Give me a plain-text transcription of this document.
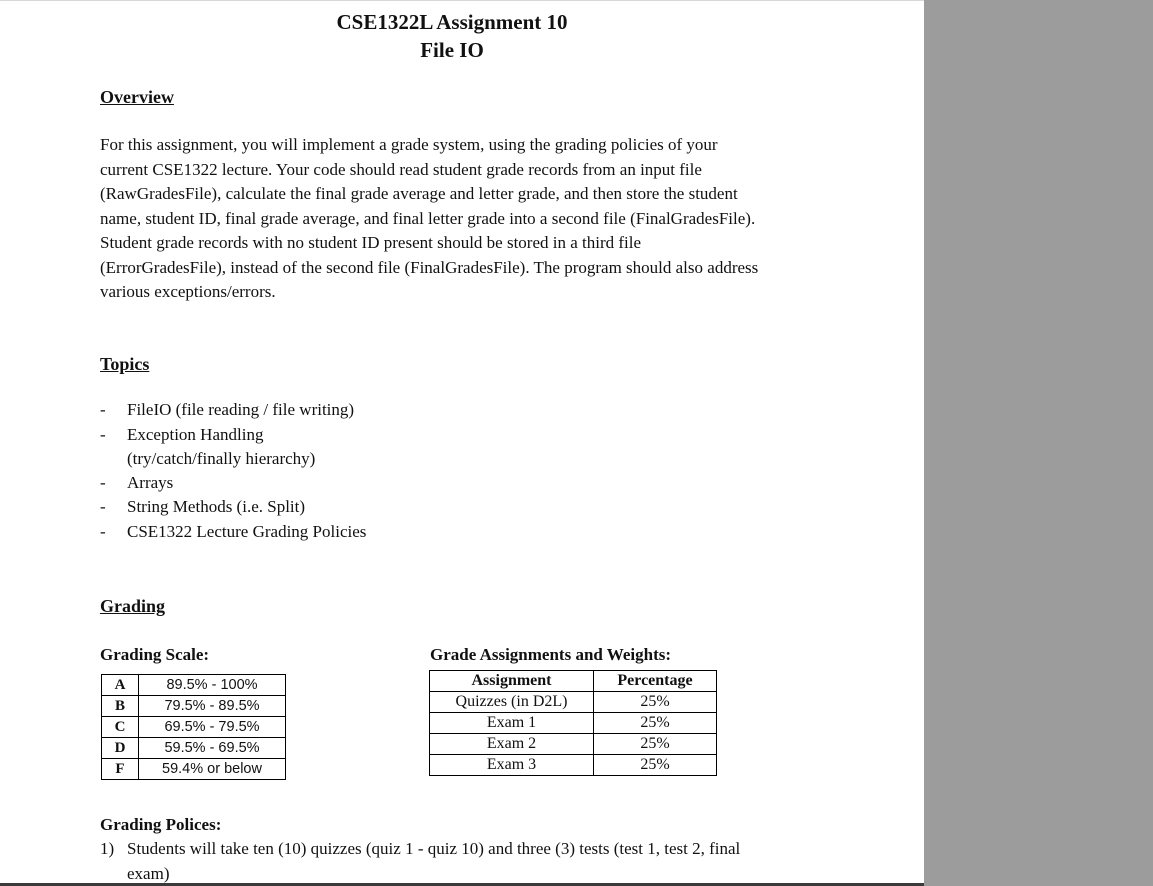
CSE1322L Assignment 10
File IO
Overview
For this assignment, you will implement a grade system, using the grading policies of your
current CSE1322 lecture. Your code should read student grade records from an input file
(RawGradesFile), calculate the final grade average and letter grade, and then store the student
name, student ID, final grade average, and final letter grade into a second file (FinalGradesFile).
Student grade records with no student ID present should be stored in a third file
(ErrorGradesFile), instead of the second file (FinalGradesFile). The program should also address
various exceptions/errors.
Topics
- FileIO (file reading / file writing)
- Exception Handling
(try/catch/finally hierarchy)
- Arrays
- String Methods (i.e. Split)
- CSE1322 Lecture Grading Policies
Grading
Grading Scale:
A	89.5% - 100%
B	79.5% - 89.5%
C	69.5% - 79.5%
D	59.5% - 69.5%
F	59.4% or below
Grade Assignments and Weights:
Assignment	Percentage
Quizzes (in D2L)	25%
Exam 1	25%
Exam 2	25%
Exam 3	25%
Grading Polices:
1) Students will take ten (10) quizzes (quiz 1 - quiz 10) and three (3) tests (test 1, test 2, final
exam)
